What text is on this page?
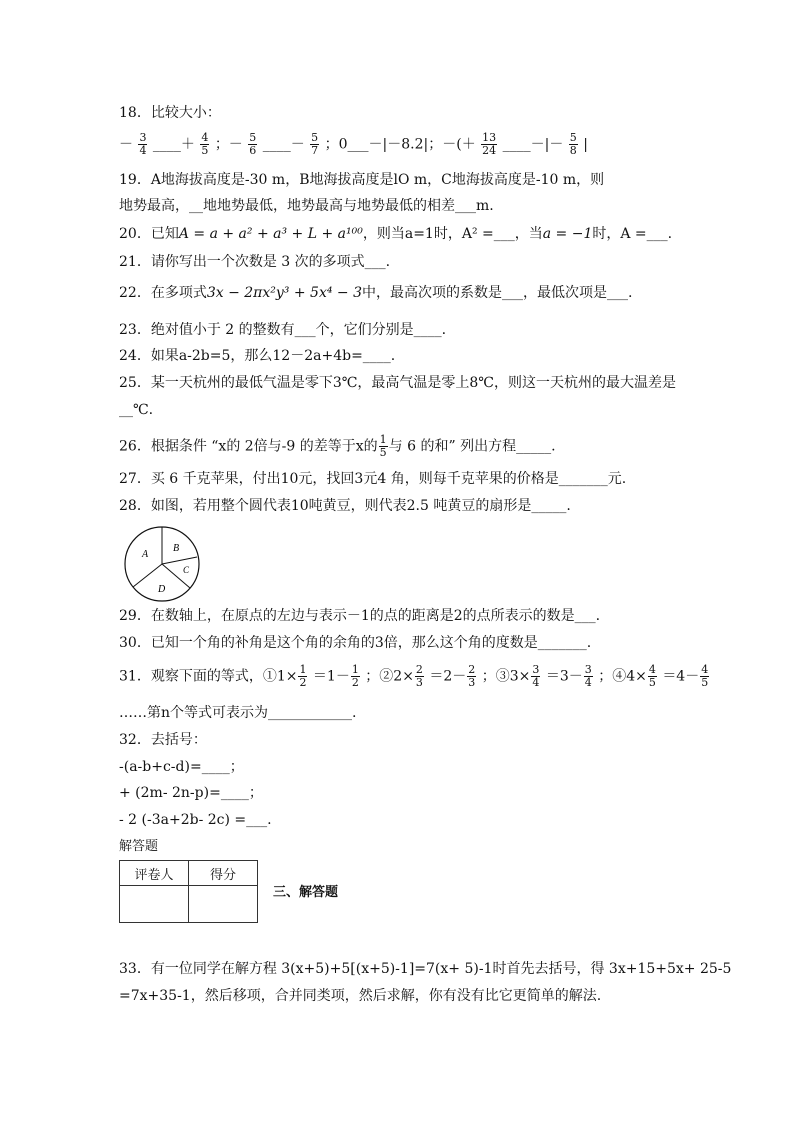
18．比较大小：
－ $\frac{3}{4}$ ____＋ $\frac{4}{5}$ ；－ $\frac{5}{6}$ ____－ $\frac{5}{7}$ ；0___－|－8.2|；－(＋ $\frac{13}{24}$ ____－|－ $\frac{5}{8}$ |
19．A地海拔高度是-30 m，B地海拔高度是lO m，C地海拔高度是-10 m，则
地势最高，__地地势最低，地势最高与地势最低的相差___m.
20．已知A = a + a² + a³ + L + a¹⁰⁰，则当a=1时，A² =___，当a = −1时，A =___.
21．请你写出一个次数是 3 次的多项式___.
22．在多项式3x − 2πx²y³ + 5x⁴ − 3中，最高次项的系数是___，最低次项是___.
23．绝对值小于 2 的整数有___个，它们分别是____.
24．如果a-2b=5，那么12－2a+4b=____.
25．某一天杭州的最低气温是零下3℃，最高气温是零上8℃，则这一天杭州的最大温差是
__℃.
26．根据条件 “x的 2倍与-9 的差等于x的 $\frac{1}{5}$ 与 6 的和” 列出方程_____.
27．买 6 千克苹果，付出10元，找回3元4 角，则每千克苹果的价格是_______元.
28．如图，若用整个圆代表10吨黄豆，则代表2.5 吨黄豆的扇形是_____.
A
B
C
D
29．在数轴上，在原点的左边与表示－1的点的距离是2的点所表示的数是___.
30．已知一个角的补角是这个角的余角的3倍，那么这个角的度数是_______.
31．观察下面的等式，①1× $\frac{1}{2} =1- \frac{1}{2}$ ；②2× $\frac{2}{3} =2- \frac{2}{3}$ ；③3× $\frac{3}{4} =3- \frac{3}{4}$ ；④4× $\frac{4}{5} =4- \frac{4}{5}$
……第n个等式可表示为____________.
32．去括号：
-(a-b+c-d)=____；
+ (2m- 2n-p)=____；
- 2 (-3a+2b- 2c) =___.
解答题
评卷人	得分

三、解答题
33．有一位同学在解方程 3(x+5)+5[(x+5)-1]=7(x+ 5)-1时首先去括号，得 3x+15+5x+ 25-5
=7x+35-1，然后移项，合并同类项，然后求解，你有没有比它更简单的解法.
